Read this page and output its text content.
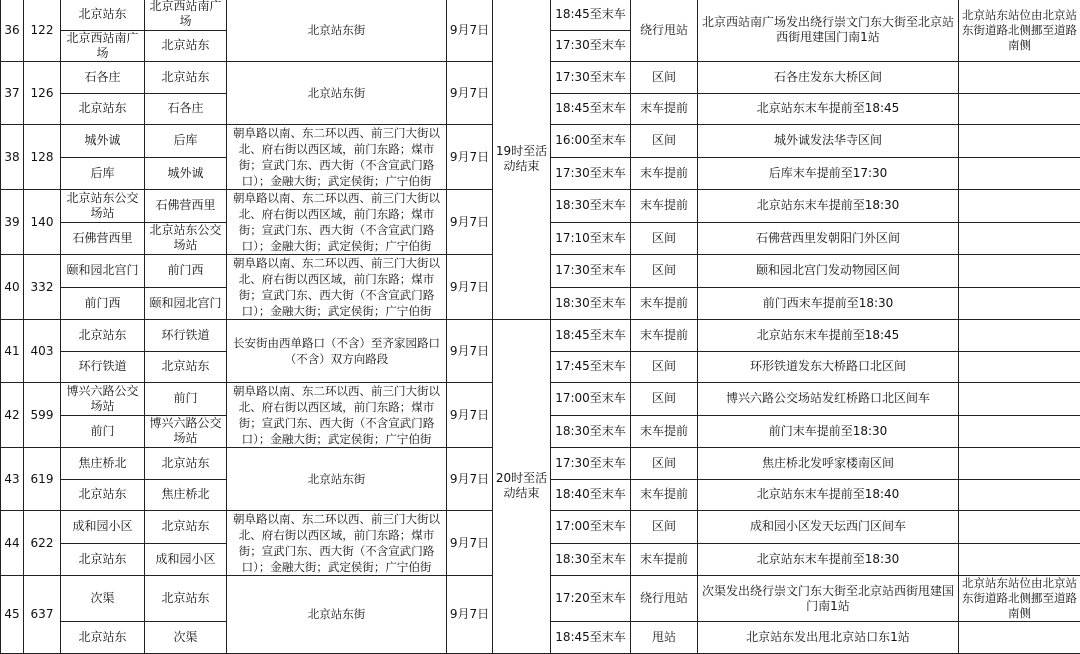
36	122	北京站东	北京西站南广场	北京站东街	9月7日	19时至活动结束	18:45至末车	绕行甩站	北京西站南广场发出绕行崇文门东大街至北京站西街甩建国门南1站	北京站东站位由北京站东街道路北侧挪至道路南侧
		北京西站南广场	北京站东				17:30至末车			
37	126	石各庄	北京站东	北京站东街	9月7日		17:30至末车	区间	石各庄发东大桥区间	
		北京站东	石各庄				18:45至末车	末车提前	北京站东末车提前至18:45	
38	128	城外诚	后库	朝阜路以南、东二环以西、前三门大街以北、府右街以西区域，前门东路；煤市街；宣武门东、西大街（不含宣武门路口）；金融大街；武定侯街；广宁伯街	9月7日		16:00至末车	区间	城外诚发法华寺区间	
		后库	城外诚				17:30至末车	末车提前	后库末车提前至17:30	
39	140	北京站东公交场站	石佛营西里	朝阜路以南、东二环以西、前三门大街以北、府右街以西区域，前门东路；煤市街；宣武门东、西大街（不含宣武门路口）；金融大街；武定侯街；广宁伯街	9月7日		18:30至末车	末车提前	北京站东末车提前至18:30	
		石佛营西里	北京站东公交场站				17:10至末车	区间	石佛营西里发朝阳门外区间	
40	332	颐和园北宫门	前门西	朝阜路以南、东二环以西、前三门大街以北、府右街以西区域，前门东路；煤市街；宣武门东、西大街（不含宣武门路口）；金融大街；武定侯街；广宁伯街	9月7日		17:30至末车	区间	颐和园北宫门发动物园区间	
		前门西	颐和园北宫门				18:30至末车	末车提前	前门西末车提前至18:30	
41	403	北京站东	环行铁道	长安街由西单路口（不含）至齐家园路口（不含）双方向路段	9月7日	20时至活动结束	18:45至末车	末车提前	北京站东末车提前至18:45	
		环行铁道	北京站东				17:45至末车	区间	环形铁道发东大桥路口北区间	
42	599	博兴六路公交场站	前门	朝阜路以南、东二环以西、前三门大街以北、府右街以西区域，前门东路；煤市街；宣武门东、西大街（不含宣武门路口）；金融大街；武定侯街；广宁伯街	9月7日		17:00至末车	区间	博兴六路公交场站发红桥路口北区间车	
		前门	博兴六路公交场站				18:30至末车	末车提前	前门末车提前至18:30	
43	619	焦庄桥北	北京站东	北京站东街	9月7日		17:30至末车	区间	焦庄桥北发呼家楼南区间	
		北京站东	焦庄桥北				18:40至末车	末车提前	北京站东末车提前至18:40	
44	622	成和园小区	北京站东	朝阜路以南、东二环以西、前三门大街以北、府右街以西区域，前门东路；煤市街；宣武门东、西大街（不含宣武门路口）；金融大街；武定侯街；广宁伯街	9月7日		17:00至末车	区间	成和园小区发天坛西门区间车	
		北京站东	成和园小区				18:30至末车	末车提前	北京站东末车提前至18:30	
45	637	次渠	北京站东	北京站东街	9月7日		17:20至末车	绕行甩站	次渠发出绕行崇文门东大街至北京站西街甩建国门南1站	北京站东站位由北京站东街道路北侧挪至道路南侧
		北京站东	次渠				18:45至末车	甩站	北京站东发出甩北京站口东1站	
